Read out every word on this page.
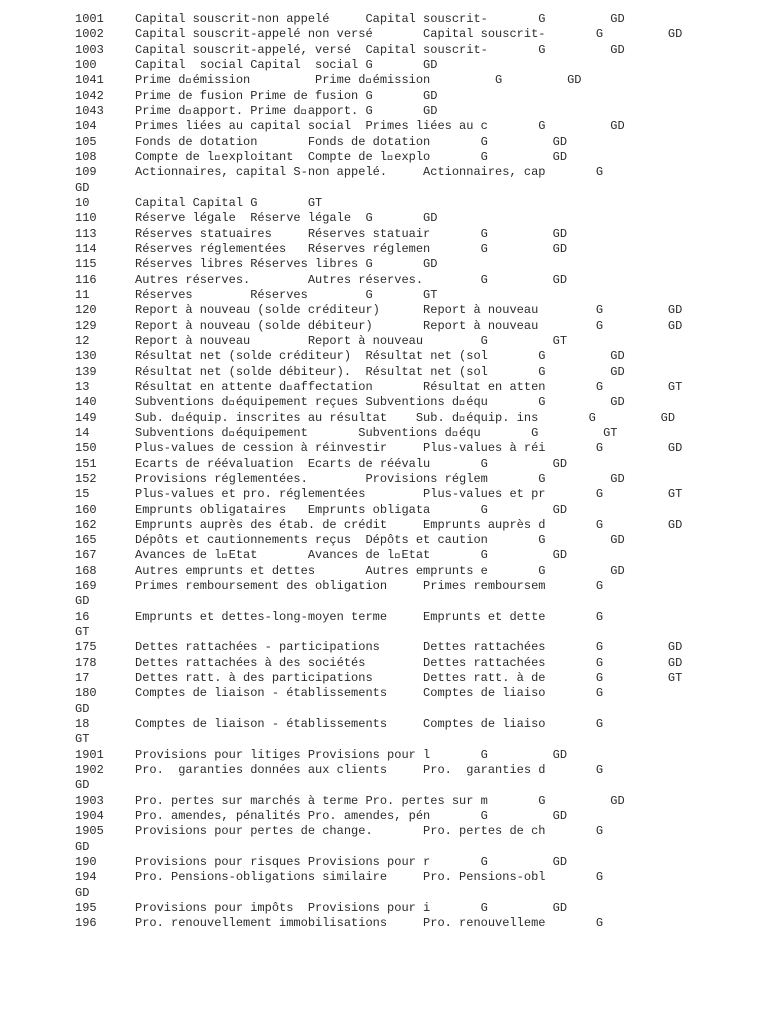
1001	Capital souscrit-non appelé     Capital souscrit-       G         GD
1002	Capital souscrit-appelé non versé       Capital souscrit-       G         GD
1003	Capital souscrit-appelé, versé  Capital souscrit-       G         GD
100	Capital  social Capital  social G       GD
1041	Prime d émission         Prime d émission         G         GD
1042	Prime de fusion Prime de fusion G       GD
1043	Prime d apport. Prime d apport. G       GD
104	Primes liées au capital social  Primes liées au c       G         GD
105	Fonds de dotation       Fonds de dotation       G         GD
108	Compte de l exploitant  Compte de l explo       G         GD
109	Actionnaires, capital S-non appelé.     Actionnaires, cap       G
GD
10	Capital Capital G       GT
110	Réserve légale  Réserve légale  G       GD
113	Réserves statuaires     Réserves statuair       G         GD
114	Réserves réglementées   Réserves réglemen       G         GD
115	Réserves libres Réserves libres G       GD
116	Autres réserves.        Autres réserves.        G         GD
11	Réserves        Réserves        G       GT
120	Report à nouveau (solde créditeur)      Report à nouveau        G         GD
129	Report à nouveau (solde débiteur)       Report à nouveau        G         GD
12	Report à nouveau        Report à nouveau        G         GT
130	Résultat net (solde créditeur)  Résultat net (sol       G         GD
139	Résultat net (solde débiteur).  Résultat net (sol       G         GD
13	Résultat en attente d affectation       Résultat en atten       G         GT
140	Subventions d équipement reçues Subventions d équ       G         GD
149	Sub. d équip. inscrites au résultat    Sub. d équip. ins       G         GD
14	Subventions d équipement       Subventions d équ       G         GT
150	Plus-values de cession à réinvestir     Plus-values à réi       G         GD
151	Ecarts de réévaluation  Ecarts de réévalu       G         GD
152	Provisions réglementées.        Provisions réglem       G         GD
15	Plus-values et pro. réglementées        Plus-values et pr       G         GT
160	Emprunts obligataires   Emprunts obligata       G         GD
162	Emprunts auprès des étab. de crédit     Emprunts auprès d       G         GD
165	Dépôts et cautionnements reçus  Dépôts et caution       G         GD
167	Avances de l Etat       Avances de l Etat       G         GD
168	Autres emprunts et dettes       Autres emprunts e       G         GD
169	Primes remboursement des obligation     Primes remboursem       G
GD
16	Emprunts et dettes-long-moyen terme     Emprunts et dette       G
GT
175	Dettes rattachées - participations      Dettes rattachées       G         GD
178	Dettes rattachées à des sociétés        Dettes rattachées       G         GD
17	Dettes ratt. à des participations       Dettes ratt. à de       G         GT
180	Comptes de liaison - établissements     Comptes de liaiso       G
GD
18	Comptes de liaison - établissements     Comptes de liaiso       G
GT
1901	Provisions pour litiges Provisions pour l       G         GD
1902	Pro.  garanties données aux clients     Pro.  garanties d       G
GD
1903	Pro. pertes sur marchés à terme Pro. pertes sur m       G         GD
1904	Pro. amendes, pénalités Pro. amendes, pén       G         GD
1905	Provisions pour pertes de change.       Pro. pertes de ch       G
GD
190	Provisions pour risques Provisions pour r       G         GD
194	Pro. Pensions-obligations similaire     Pro. Pensions-obl       G
GD
195	Provisions pour impôts  Provisions pour i       G         GD
196	Pro. renouvellement immobilisations     Pro. renouvelleme       G
